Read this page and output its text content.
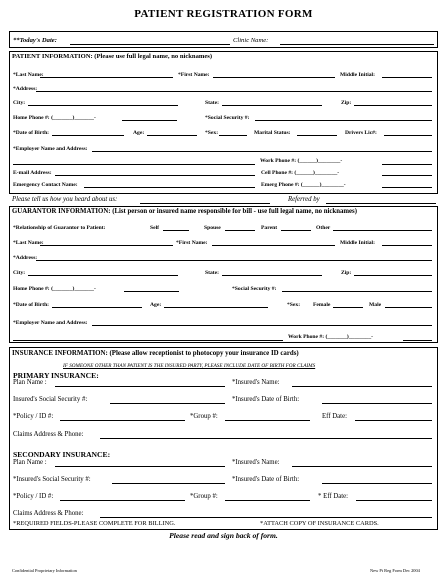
PATIENT REGISTRATION FORM
**Today's Date:	Clinic Name:
PATIENT INFORMATION: (Please use full legal name, no nicknames)
*Last Name:	*First Name:	Middle Initial:
*Address:
City:	State:	Zip:
Home Phone #: (_______)_______-	*Social Security #:
*Date of Birth:	Age:	*Sex:	Marital Status:	Drivers Lic#:
*Employer Name and Address:
Work Phone #: (______)________-
E-mail Address:	Cell Phone #: (______)________-
Emergency Contact Name:	Emerg Phone #: (______)________-
Please tell us how you heard about us:	Referred by
GUARANTOR INFORMATION: (List person or insured name responsible for bill - use full legal name, no nicknames)
*Relationship of Guarantor to Patient:	Self	Spouse	Parent	Other
*Last Name:	*First Name:	Middle Initial:
*Address:
City:	State:	Zip:
Home Phone #: (_______)_______-	*Social Security #:
*Date of Birth:	Age:	*Sex: Female	Male
*Employer Name and Address:
Work Phone #: (_______)________-
INSURANCE INFORMATION: (Please allow receptionist to photocopy your insurance ID cards)
IF SOMEONE OTHER THAN PATIENT IS THE INSURED PARTY, PLEASE INCLUDE DATE OF BIRTH FOR CLAIMS
PRIMARY INSURANCE:
Plan Name :	*Insured's Name:
Insured's Social Security #:	*Insured's Date of Birth:
*Policy / ID #:	*Group #:	Eff Date:
Claims Address & Phone:
SECONDARY INSURANCE:
Plan Name :	*Insured's Name:
*Insured's Social Security #:	*Insured's Date of Birth:
*Policy / ID #:	*Group #:	* Eff Date:
Claims Address & Phone:
*REQUIRED FIELDS-PLEASE COMPLETE FOR BILLING.	*ATTACH COPY OF INSURANCE CARDS.
Please read and sign back of form.
Confidential Proprietary Information	New Pt Reg Form Dec 2004
